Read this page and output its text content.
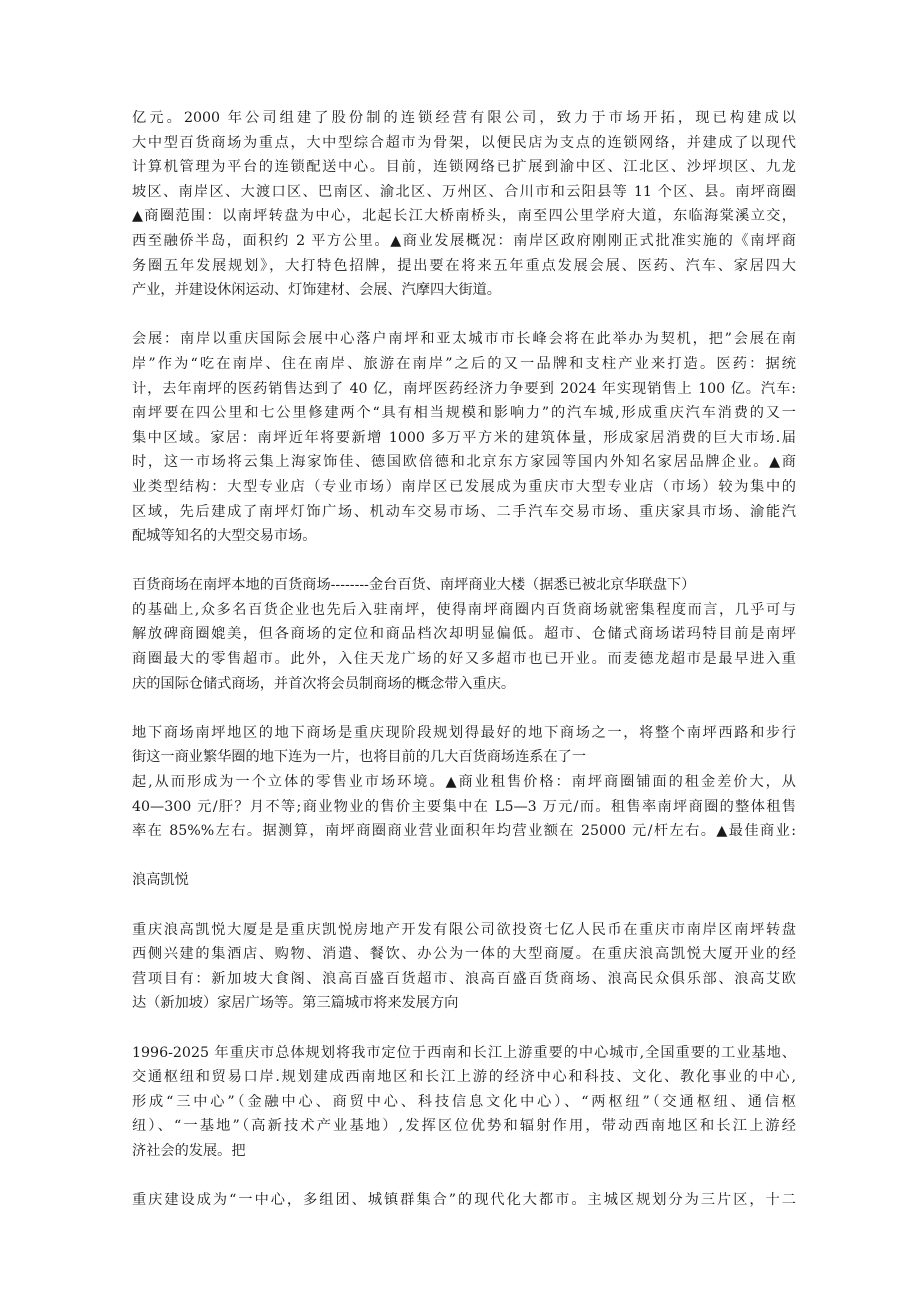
亿元。2000 年公司组建了股份制的连锁经营有限公司，致力于市场开拓，现已构建成以
大中型百货商场为重点，大中型综合超市为骨架，以便民店为支点的连锁网络，并建成了以现代
计算机管理为平台的连锁配送中心。目前，连锁网络已扩展到渝中区、江北区、沙坪坝区、九龙
坡区、南岸区、大渡口区、巴南区、渝北区、万州区、合川市和云阳县等 11 个区、县。南坪商圈
▲商圈范围：以南坪转盘为中心，北起长江大桥南桥头，南至四公里学府大道，东临海棠溪立交，
西至融侨半岛，面积约 2 平方公里。▲商业发展概况：南岸区政府刚刚正式批准实施的《南坪商
务圈五年发展规划》，大打特色招牌，提出要在将来五年重点发展会展、医药、汽车、家居四大
产业，并建设休闲运动、灯饰建材、会展、汽摩四大街道。
会展：南岸以重庆国际会展中心落户南坪和亚太城市市长峰会将在此举办为契机，把”会展在南
岸”作为“吃在南岸、住在南岸、旅游在南岸”之后的又一品牌和支柱产业来打造。医药：据统
计，去年南坪的医药销售达到了 40 亿，南坪医药经济力争要到 2024 年实现销售上 100 亿。汽车:
南坪要在四公里和七公里修建两个“具有相当规模和影响力”的汽车城,形成重庆汽车消费的又一
集中区域。家居：南坪近年将要新增 1000 多万平方米的建筑体量，形成家居消费的巨大市场.届
时，这一市场将云集上海家饰佳、德国欧倍德和北京东方家园等国内外知名家居品牌企业。▲商
业类型结构：大型专业店（专业市场）南岸区已发展成为重庆市大型专业店（市场）较为集中的
区域，先后建成了南坪灯饰广场、机动车交易市场、二手汽车交易市场、重庆家具市场、渝能汽
配城等知名的大型交易市场。
百货商场在南坪本地的百货商场--------金台百货、南坪商业大楼（据悉已被北京华联盘下）
的基础上,众多名百货企业也先后入驻南坪，使得南坪商圈内百货商场就密集程度而言，几乎可与
解放碑商圈媲美，但各商场的定位和商品档次却明显偏低。超市、仓储式商场诺玛特目前是南坪
商圈最大的零售超市。此外，入住天龙广场的好又多超市也已开业。而麦德龙超市是最早进入重
庆的国际仓储式商场，并首次将会员制商场的概念带入重庆。
地下商场南坪地区的地下商场是重庆现阶段规划得最好的地下商场之一，将整个南坪西路和步行
街这一商业繁华圈的地下连为一片，也将目前的几大百货商场连系在了一
起,从而形成为一个立体的零售业市场环境。▲商业租售价格：南坪商圈铺面的租金差价大，从
40—300 元/肝？月不等;商业物业的售价主要集中在 L5—3 万元/而。租售率南坪商圈的整体租售
率在 85%%左右。据测算，南坪商圈商业营业面积年均营业额在 25000 元/杆左右。▲最佳商业:
浪高凯悦
重庆浪高凯悦大厦是是重庆凯悦房地产开发有限公司欲投资七亿人民币在重庆市南岸区南坪转盘
西侧兴建的集酒店、购物、消遣、餐饮、办公为一体的大型商厦。在重庆浪高凯悦大厦开业的经
营项目有：新加坡大食阁、浪高百盛百货超市、浪高百盛百货商场、浪高民众俱乐部、浪高艾欧
达（新加坡）家居广场等。第三篇城市将来发展方向
1996-2025 年重庆市总体规划将我市定位于西南和长江上游重要的中心城市,全国重要的工业基地、
交通枢纽和贸易口岸.规划建成西南地区和长江上游的经济中心和科技、文化、教化事业的中心,
形成“三中心”（金融中心、商贸中心、科技信息文化中心）、“两枢纽”（交通枢纽、通信枢
纽）、“一基地”（高新技术产业基地）,发挥区位优势和辐射作用，带动西南地区和长江上游经
济社会的发展。把
重庆建设成为“一中心，多组团、城镇群集合”的现代化大都市。主城区规划分为三片区，十二
